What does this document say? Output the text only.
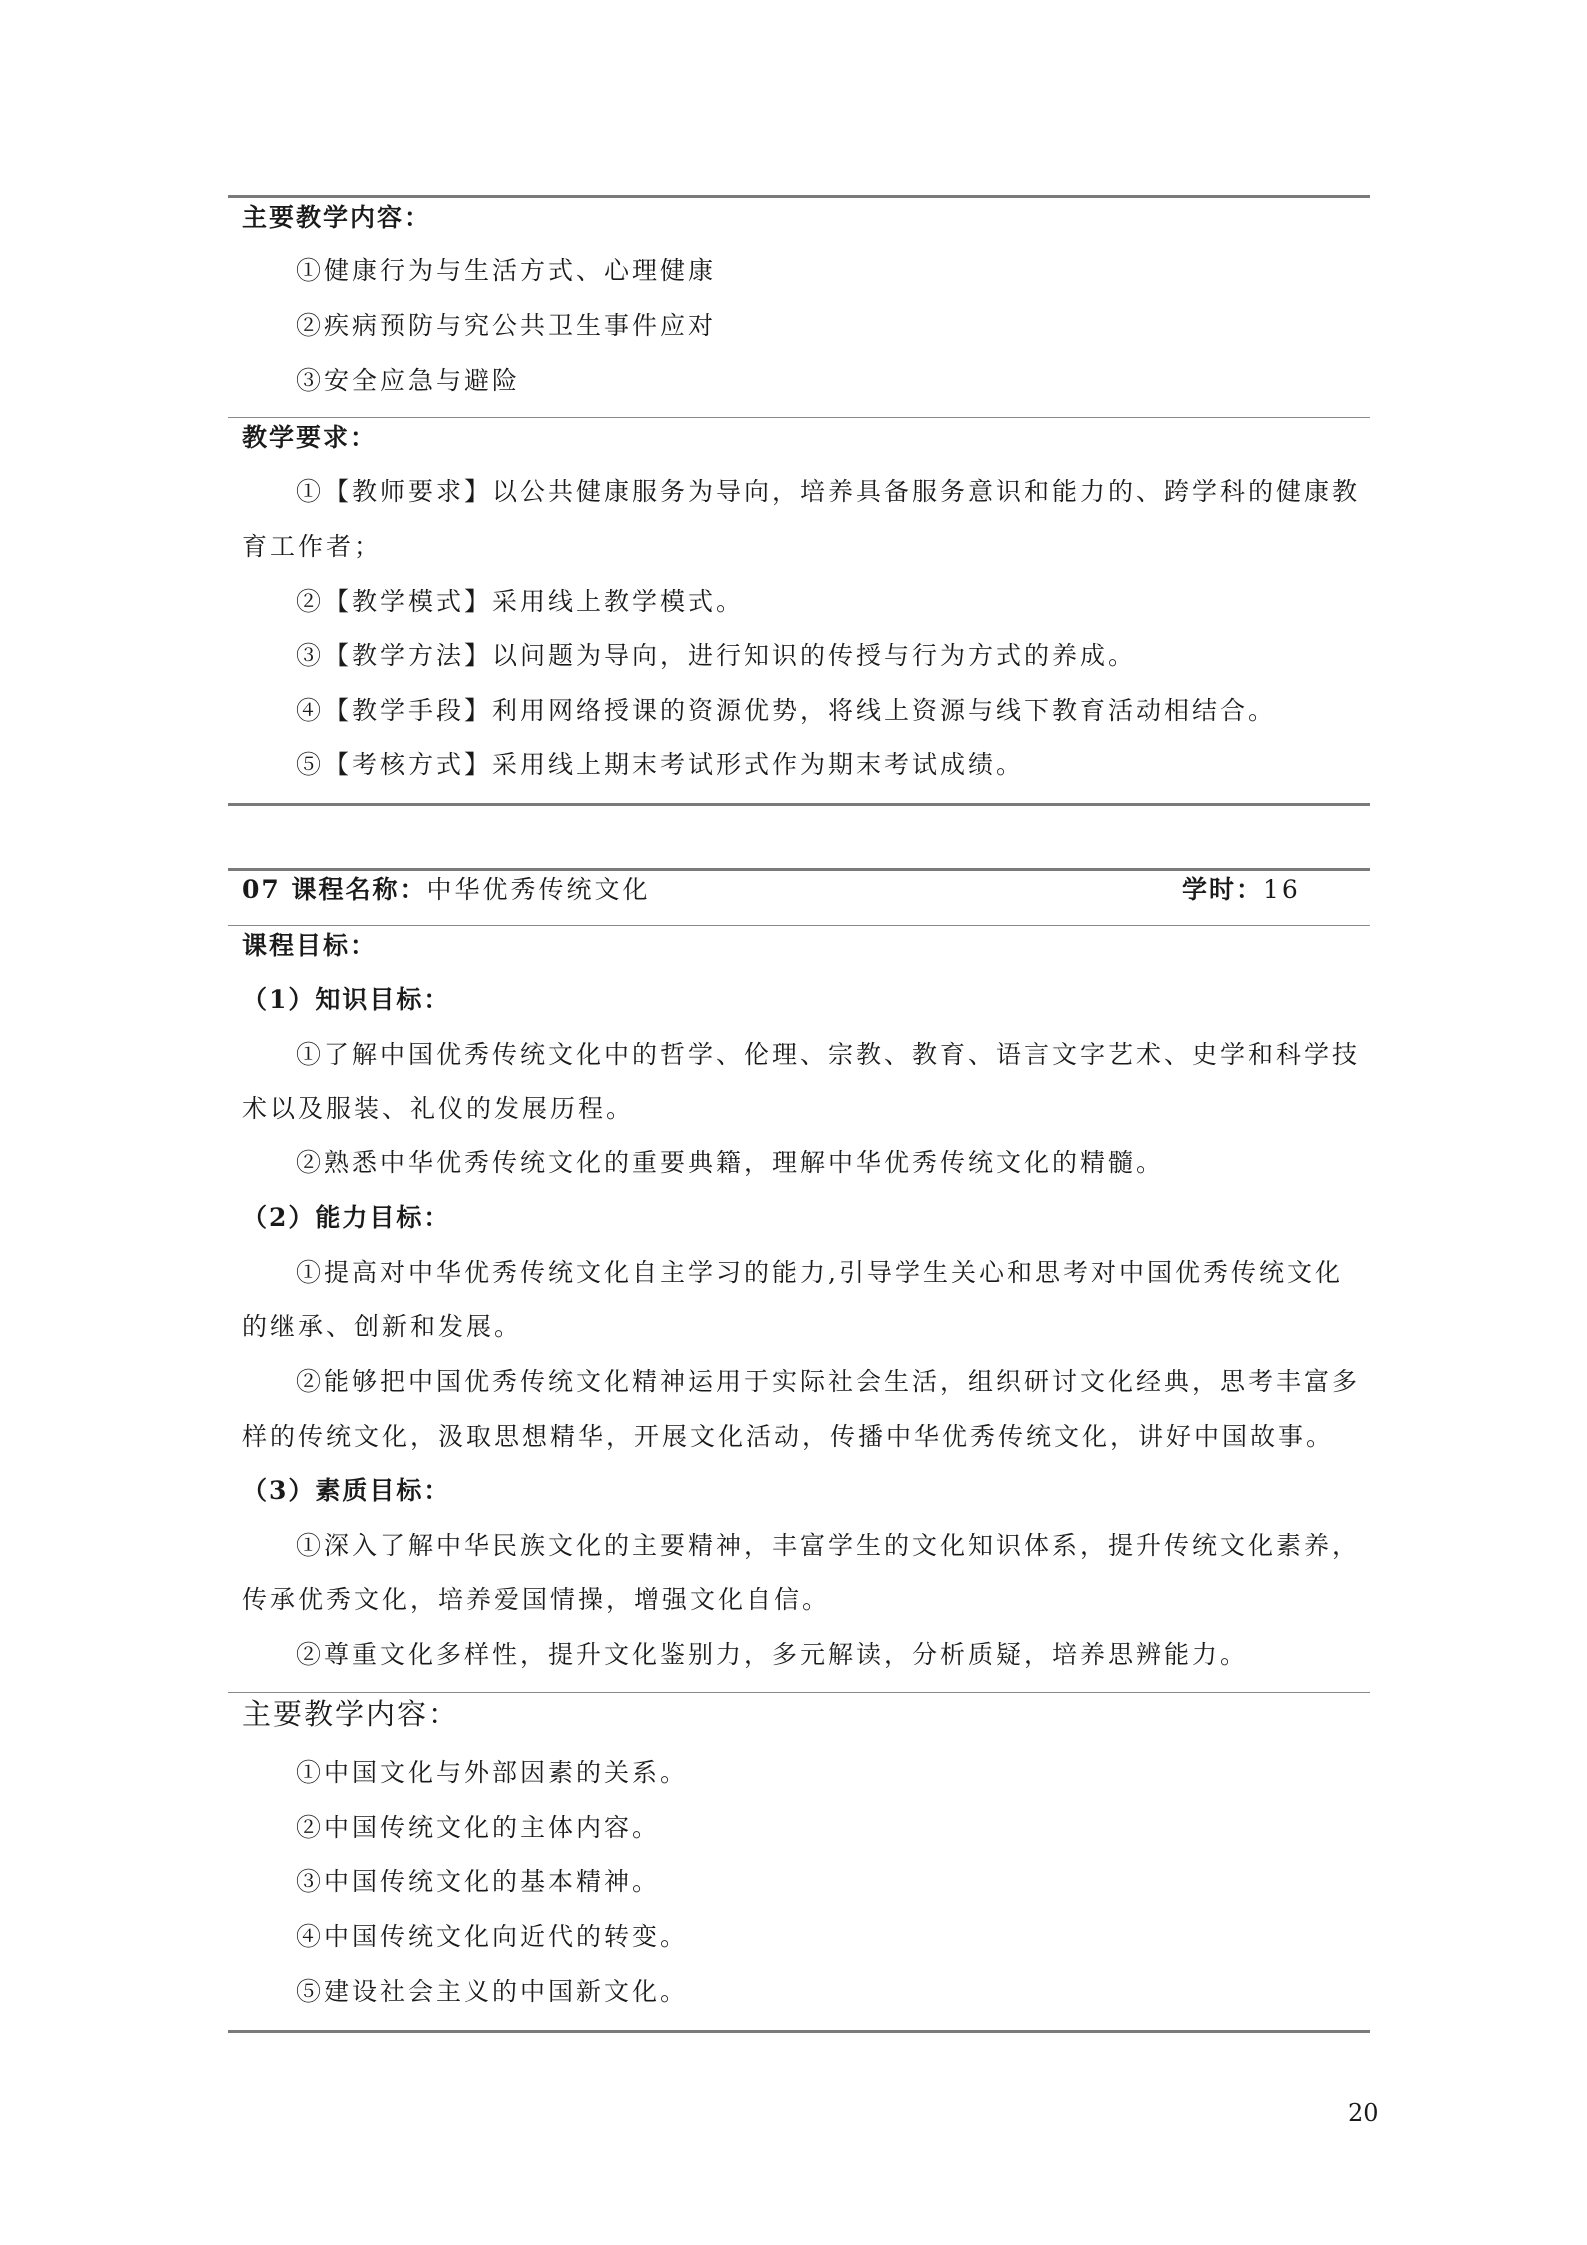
主要教学内容：
①健康行为与生活方式、心理健康
②疾病预防与究公共卫生事件应对
③安全应急与避险
教学要求：
①【教师要求】以公共健康服务为导向，培养具备服务意识和能力的、跨学科的健康教
育工作者；
②【教学模式】采用线上教学模式。
③【教学方法】以问题为导向，进行知识的传授与行为方式的养成。
④【教学手段】利用网络授课的资源优势，将线上资源与线下教育活动相结合。
⑤【考核方式】采用线上期末考试形式作为期末考试成绩。
07 课程名称：中华优秀传统文化	学时：16
课程目标：
（1）知识目标：
①了解中国优秀传统文化中的哲学、伦理、宗教、教育、语言文字艺术、史学和科学技
术以及服装、礼仪的发展历程。
②熟悉中华优秀传统文化的重要典籍，理解中华优秀传统文化的精髓。
（2）能力目标：
①提高对中华优秀传统文化自主学习的能力,引导学生关心和思考对中国优秀传统文化
的继承、创新和发展。
②能够把中国优秀传统文化精神运用于实际社会生活，组织研讨文化经典，思考丰富多
样的传统文化，汲取思想精华，开展文化活动，传播中华优秀传统文化，讲好中国故事。
（3）素质目标：
①深入了解中华民族文化的主要精神，丰富学生的文化知识体系，提升传统文化素养，
传承优秀文化，培养爱国情操，增强文化自信。
②尊重文化多样性，提升文化鉴别力，多元解读，分析质疑，培养思辨能力。
主要教学内容：
①中国文化与外部因素的关系。
②中国传统文化的主体内容。
③中国传统文化的基本精神。
④中国传统文化向近代的转变。
⑤建设社会主义的中国新文化。
20
